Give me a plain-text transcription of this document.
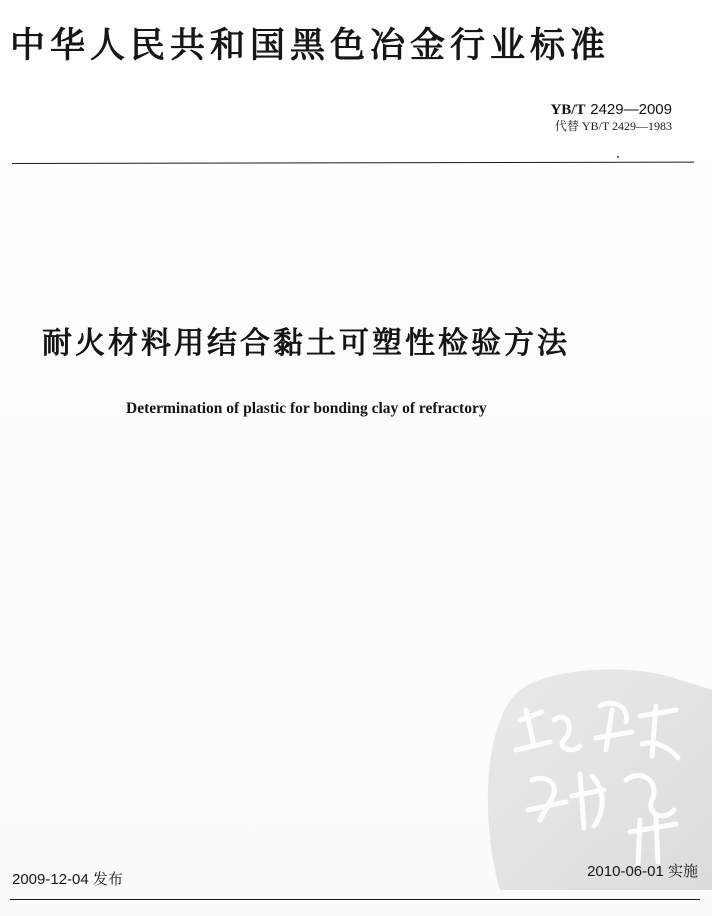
中华人民共和国黑色冶金行业标准
YB/T 2429—2009
代替 YB/T 2429—1983
耐火材料用结合黏土可塑性检验方法
Determination of plastic for bonding clay of refractory
2009-12-04 发布	2010-06-01 实施
